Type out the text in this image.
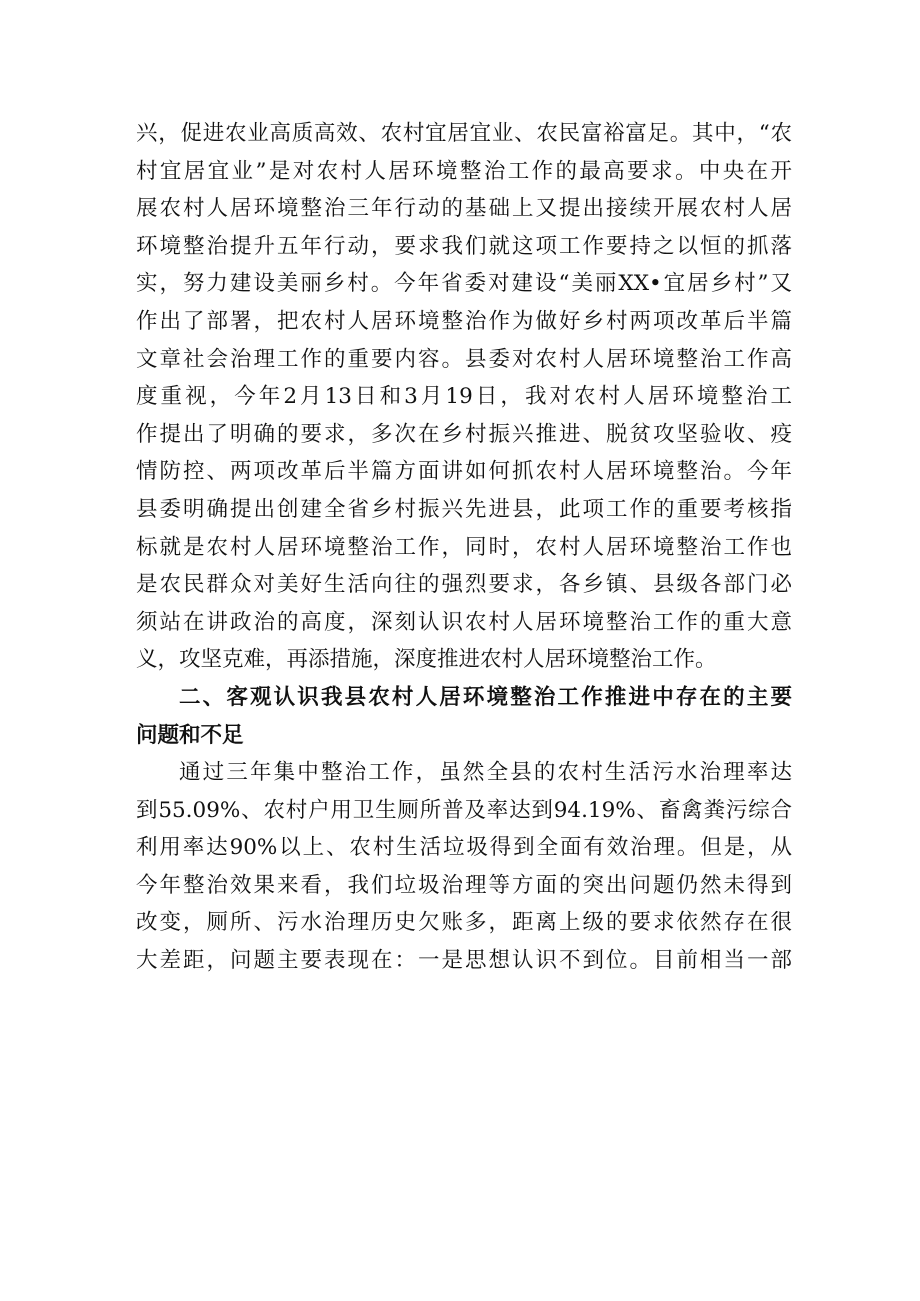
兴，促进农业高质高效、农村宜居宜业、农民富裕富足。其中，“农
村宜居宜业”是对农村人居环境整治工作的最高要求。中央在开
展农村人居环境整治三年行动的基础上又提出接续开展农村人居
环境整治提升五年行动，要求我们就这项工作要持之以恒的抓落
实，努力建设美丽乡村。今年省委对建设“美丽XX•宜居乡村”又
作出了部署，把农村人居环境整治作为做好乡村两项改革后半篇
文章社会治理工作的重要内容。县委对农村人居环境整治工作高
度重视，今年2月13日和3月19日，我对农村人居环境整治工
作提出了明确的要求，多次在乡村振兴推进、脱贫攻坚验收、疫
情防控、两项改革后半篇方面讲如何抓农村人居环境整治。今年
县委明确提出创建全省乡村振兴先进县，此项工作的重要考核指
标就是农村人居环境整治工作，同时，农村人居环境整治工作也
是农民群众对美好生活向往的强烈要求，各乡镇、县级各部门必
须站在讲政治的高度，深刻认识农村人居环境整治工作的重大意
义，攻坚克难，再添措施，深度推进农村人居环境整治工作。
二、客观认识我县农村人居环境整治工作推进中存在的主要
问题和不足
通过三年集中整治工作，虽然全县的农村生活污水治理率达
到55.09%、农村户用卫生厕所普及率达到94.19%、畜禽粪污综合
利用率达90%以上、农村生活垃圾得到全面有效治理。但是，从
今年整治效果来看，我们垃圾治理等方面的突出问题仍然未得到
改变，厕所、污水治理历史欠账多，距离上级的要求依然存在很
大差距，问题主要表现在：一是思想认识不到位。目前相当一部
